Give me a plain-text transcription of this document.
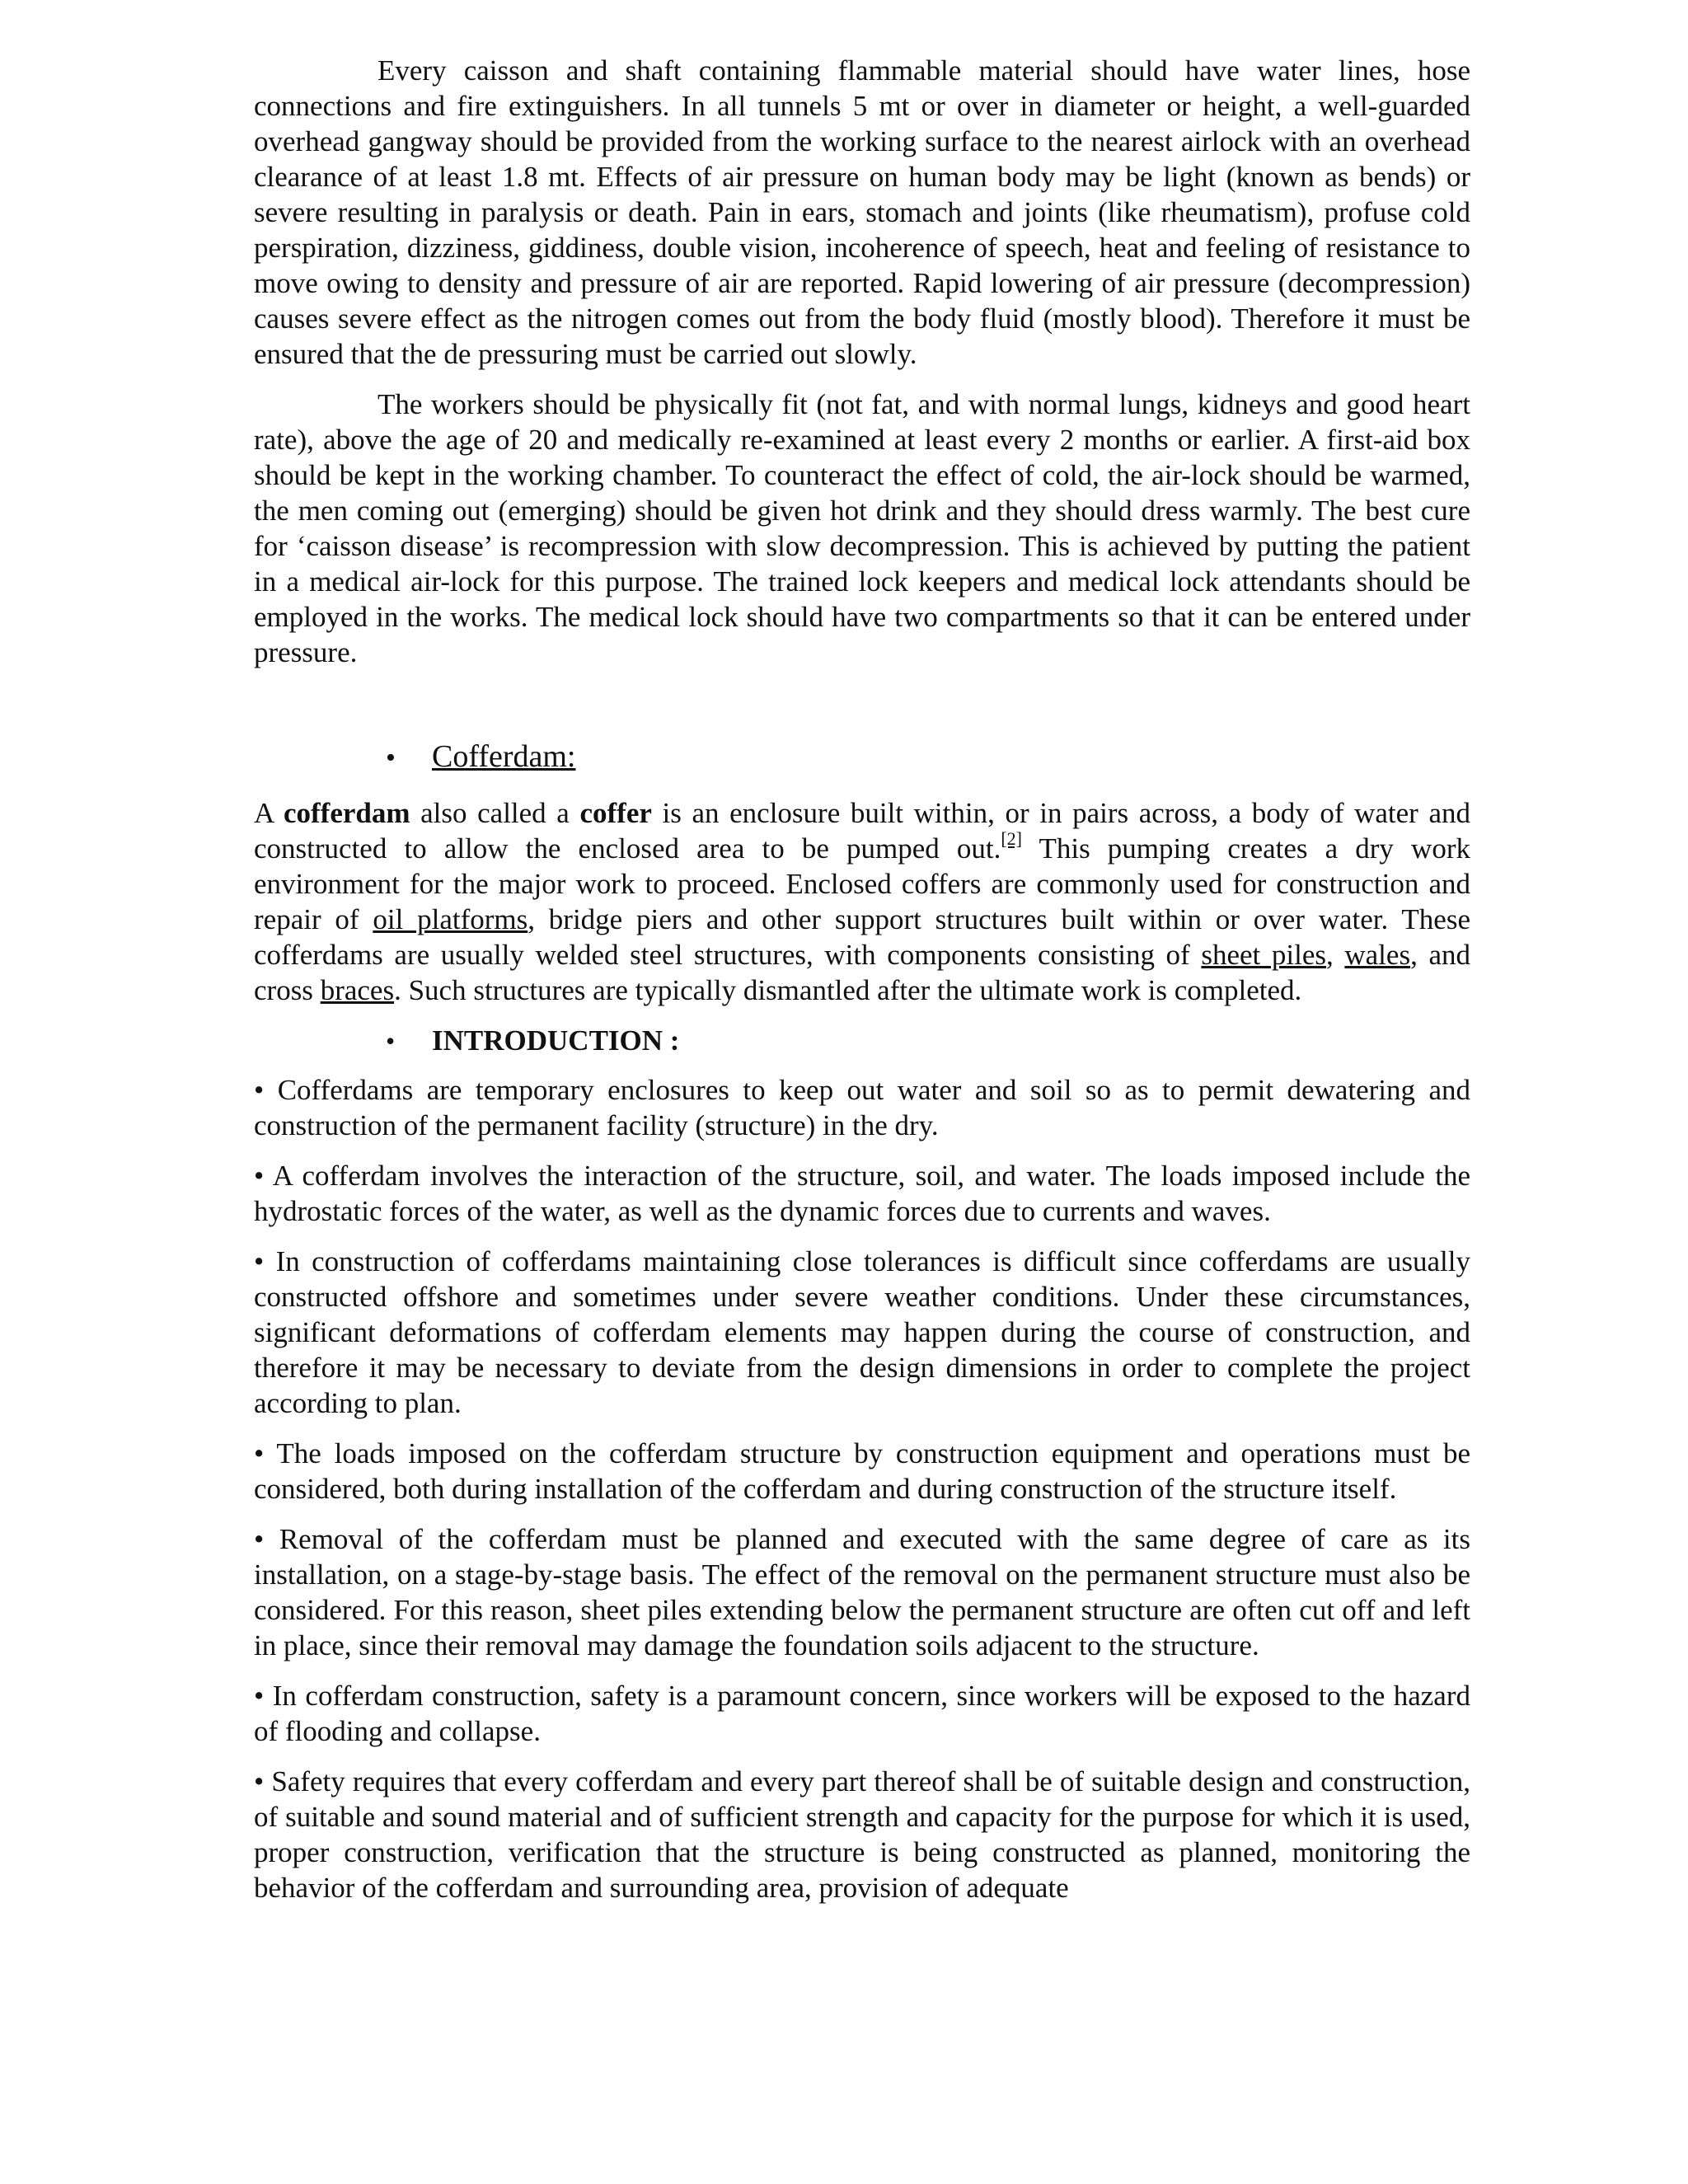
Every caisson and shaft containing flammable material should have water lines, hose connections and fire extinguishers. In all tunnels 5 mt or over in diameter or height, a well-guarded overhead gangway should be provided from the working surface to the nearest airlock with an overhead clearance of at least 1.8 mt. Effects of air pressure on human body may be light (known as bends) or severe resulting in paralysis or death. Pain in ears, stomach and joints (like rheumatism), profuse cold perspiration, dizziness, giddiness, double vision, incoherence of speech, heat and feeling of resistance to move owing to density and pressure of air are reported. Rapid lowering of air pressure (decompression) causes severe effect as the nitrogen comes out from the body fluid (mostly blood). Therefore it must be ensured that the de pressuring must be carried out slowly.

The workers should be physically fit (not fat, and with normal lungs, kidneys and good heart rate), above the age of 20 and medically re-examined at least every 2 months or earlier. A first-aid box should be kept in the working chamber. To counteract the effect of cold, the air-lock should be warmed, the men coming out (emerging) should be given hot drink and they should dress warmly. The best cure for ‘caisson disease’ is recompression with slow decompression. This is achieved by putting the patient in a medical air-lock for this purpose. The trained lock keepers and medical lock attendants should be employed in the works. The medical lock should have two compartments so that it can be entered under pressure.

•	Cofferdam:

A cofferdam also called a coffer is an enclosure built within, or in pairs across, a body of water and constructed to allow the enclosed area to be pumped out.[2] This pumping creates a dry work environment for the major work to proceed. Enclosed coffers are commonly used for construction and repair of oil platforms, bridge piers and other support structures built within or over water. These cofferdams are usually welded steel structures, with components consisting of sheet piles, wales, and cross braces. Such structures are typically dismantled after the ultimate work is completed.

•	INTRODUCTION :

• Cofferdams are temporary enclosures to keep out water and soil so as to permit dewatering and construction of the permanent facility (structure) in the dry.

• A cofferdam involves the interaction of the structure, soil, and water. The loads imposed include the hydrostatic forces of the water, as well as the dynamic forces due to currents and waves.

• In construction of cofferdams maintaining close tolerances is difficult since cofferdams are usually constructed offshore and sometimes under severe weather conditions. Under these circumstances, significant deformations of cofferdam elements may happen during the course of construction, and therefore it may be necessary to deviate from the design dimensions in order to complete the project according to plan.

• The loads imposed on the cofferdam structure by construction equipment and operations must be considered, both during installation of the cofferdam and during construction of the structure itself.

• Removal of the cofferdam must be planned and executed with the same degree of care as its installation, on a stage-by-stage basis. The effect of the removal on the permanent structure must also be considered. For this reason, sheet piles extending below the permanent structure are often cut off and left in place, since their removal may damage the foundation soils adjacent to the structure.

• In cofferdam construction, safety is a paramount concern, since workers will be exposed to the hazard of flooding and collapse.

• Safety requires that every cofferdam and every part thereof shall be of suitable design and construction, of suitable and sound material and of sufficient strength and capacity for the purpose for which it is used, proper construction, verification that the structure is being constructed as planned, monitoring the behavior of the cofferdam and surrounding area, provision of adequate
